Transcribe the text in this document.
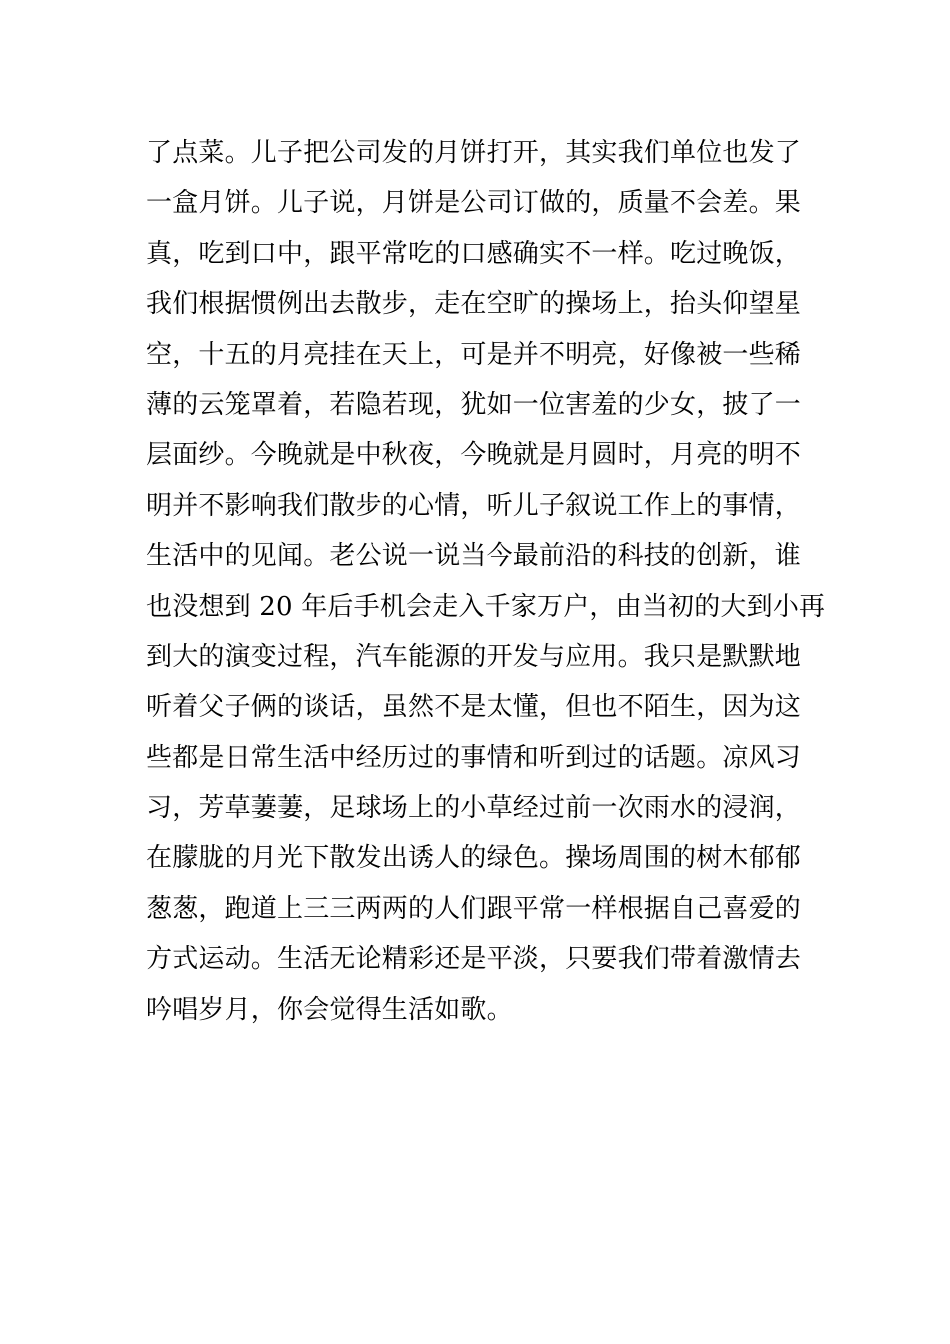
了点菜。儿子把公司发的月饼打开，其实我们单位也发了
一盒月饼。儿子说，月饼是公司订做的，质量不会差。果
真，吃到口中，跟平常吃的口感确实不一样。吃过晚饭，
我们根据惯例出去散步，走在空旷的操场上，抬头仰望星
空，十五的月亮挂在天上，可是并不明亮，好像被一些稀
薄的云笼罩着，若隐若现，犹如一位害羞的少女，披了一
层面纱。今晚就是中秋夜，今晚就是月圆时，月亮的明不
明并不影响我们散步的心情，听儿子叙说工作上的事情，
生活中的见闻。老公说一说当今最前沿的科技的创新，谁
也没想到 20 年后手机会走入千家万户，由当初的大到小再
到大的演变过程，汽车能源的开发与应用。我只是默默地
听着父子俩的谈话，虽然不是太懂，但也不陌生，因为这
些都是日常生活中经历过的事情和听到过的话题。凉风习
习，芳草萋萋，足球场上的小草经过前一次雨水的浸润，
在朦胧的月光下散发出诱人的绿色。操场周围的树木郁郁
葱葱，跑道上三三两两的人们跟平常一样根据自己喜爱的
方式运动。生活无论精彩还是平淡，只要我们带着激情去
吟唱岁月，你会觉得生活如歌。
